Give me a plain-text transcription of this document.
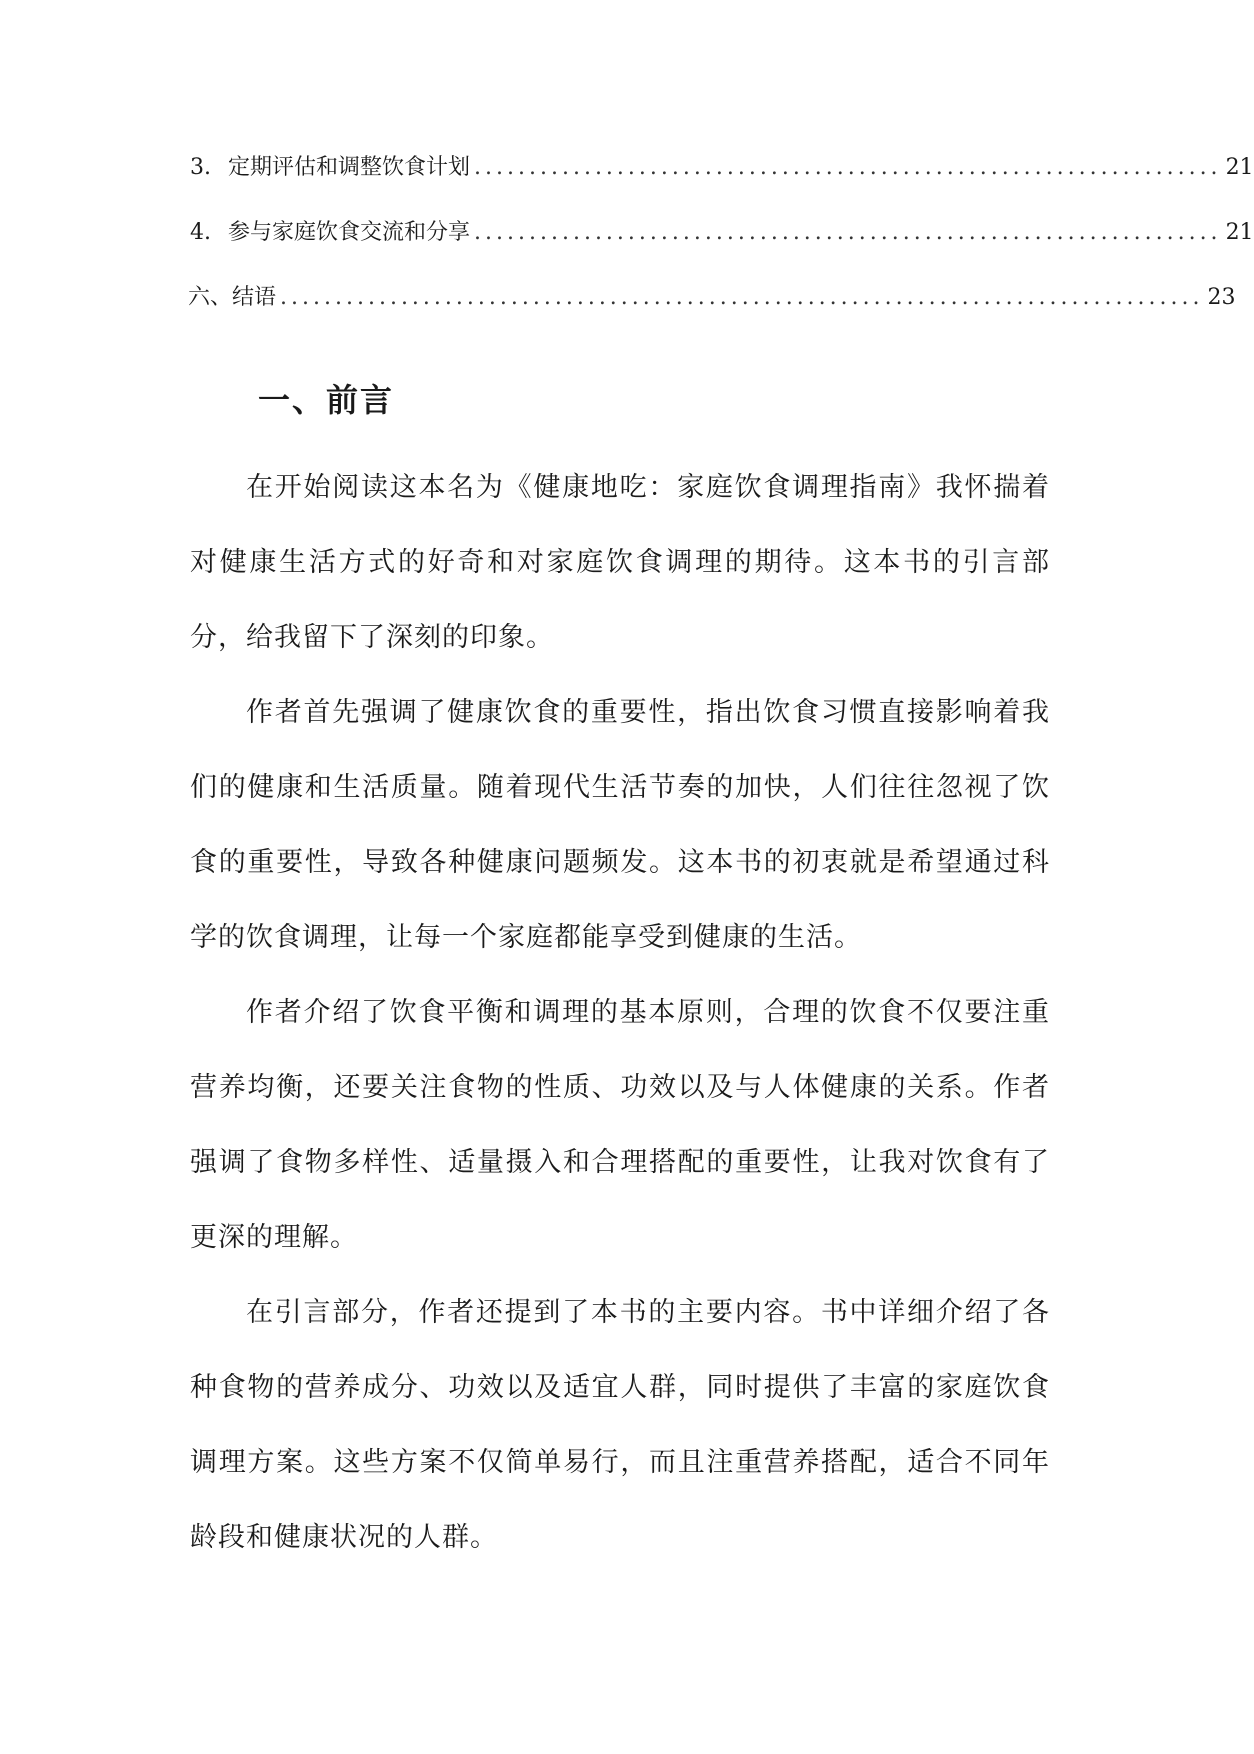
3. 定期评估和调整饮食计划 .................................................................... 21
4. 参与家庭饮食交流和分享 .................................................................... 21
六、结语 .................................................................................... 23
一、前言

在开始阅读这本名为《健康地吃：家庭饮食调理指南》我怀揣着对健康生活方式的好奇和对家庭饮食调理的期待。这本书的引言部分，给我留下了深刻的印象。

作者首先强调了健康饮食的重要性，指出饮食习惯直接影响着我们的健康和生活质量。随着现代生活节奏的加快，人们往往忽视了饮食的重要性，导致各种健康问题频发。这本书的初衷就是希望通过科学的饮食调理，让每一个家庭都能享受到健康的生活。

作者介绍了饮食平衡和调理的基本原则，合理的饮食不仅要注重营养均衡，还要关注食物的性质、功效以及与人体健康的关系。作者强调了食物多样性、适量摄入和合理搭配的重要性，让我对饮食有了更深的理解。

在引言部分，作者还提到了本书的主要内容。书中详细介绍了各种食物的营养成分、功效以及适宜人群，同时提供了丰富的家庭饮食调理方案。这些方案不仅简单易行，而且注重营养搭配，适合不同年龄段和健康状况的人群。
